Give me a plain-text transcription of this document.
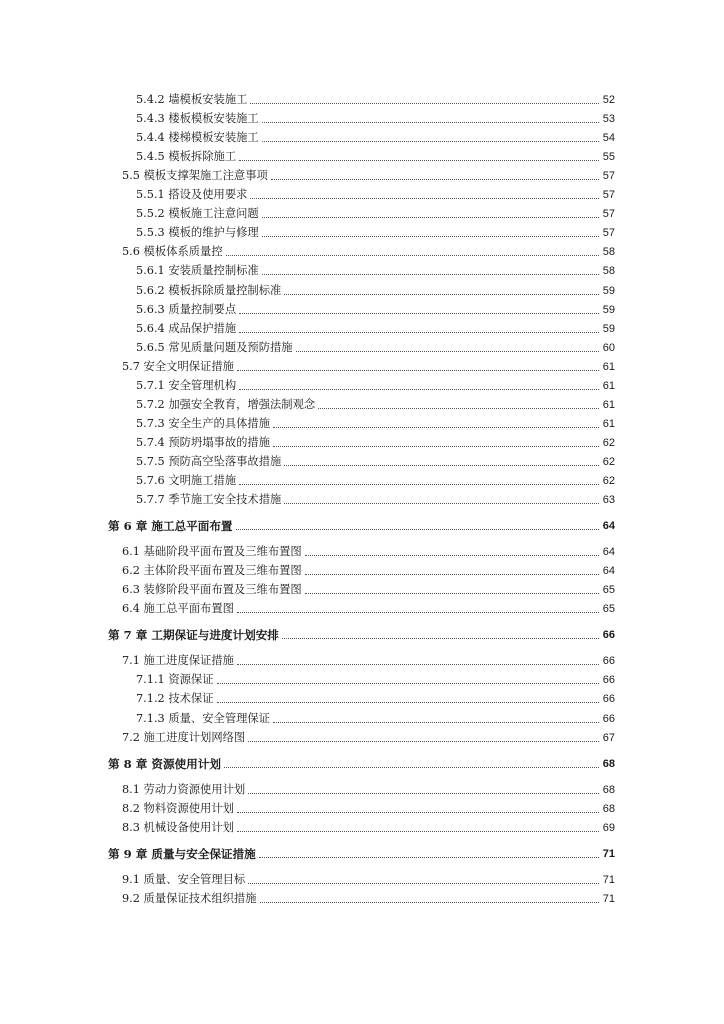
5.4.2 墙模板安装施工	52
5.4.3 楼板模板安装施工	53
5.4.4 楼梯模板安装施工	54
5.4.5 模板拆除施工	55
5.5 模板支撑架施工注意事项	57
5.5.1 搭设及使用要求	57
5.5.2 模板施工注意问题	57
5.5.3 模板的维护与修理	57
5.6 模板体系质量控	58
5.6.1 安装质量控制标准	58
5.6.2 模板拆除质量控制标准	59
5.6.3 质量控制要点	59
5.6.4 成品保护措施	59
5.6.5 常见质量问题及预防措施	60
5.7 安全文明保证措施	61
5.7.1 安全管理机构	61
5.7.2 加强安全教育，增强法制观念	61
5.7.3 安全生产的具体措施	61
5.7.4 预防坍塌事故的措施	62
5.7.5 预防高空坠落事故措施	62
5.7.6 文明施工措施	62
5.7.7 季节施工安全技术措施	63
第 6 章 施工总平面布置	64
6.1 基础阶段平面布置及三维布置图	64
6.2 主体阶段平面布置及三维布置图	64
6.3 装修阶段平面布置及三维布置图	65
6.4 施工总平面布置图	65
第 7 章 工期保证与进度计划安排	66
7.1 施工进度保证措施	66
7.1.1 资源保证	66
7.1.2 技术保证	66
7.1.3 质量、安全管理保证	66
7.2 施工进度计划网络图	67
第 8 章 资源使用计划	68
8.1 劳动力资源使用计划	68
8.2 物料资源使用计划	68
8.3 机械设备使用计划	69
第 9 章 质量与安全保证措施	71
9.1 质量、安全管理目标	71
9.2 质量保证技术组织措施	71
